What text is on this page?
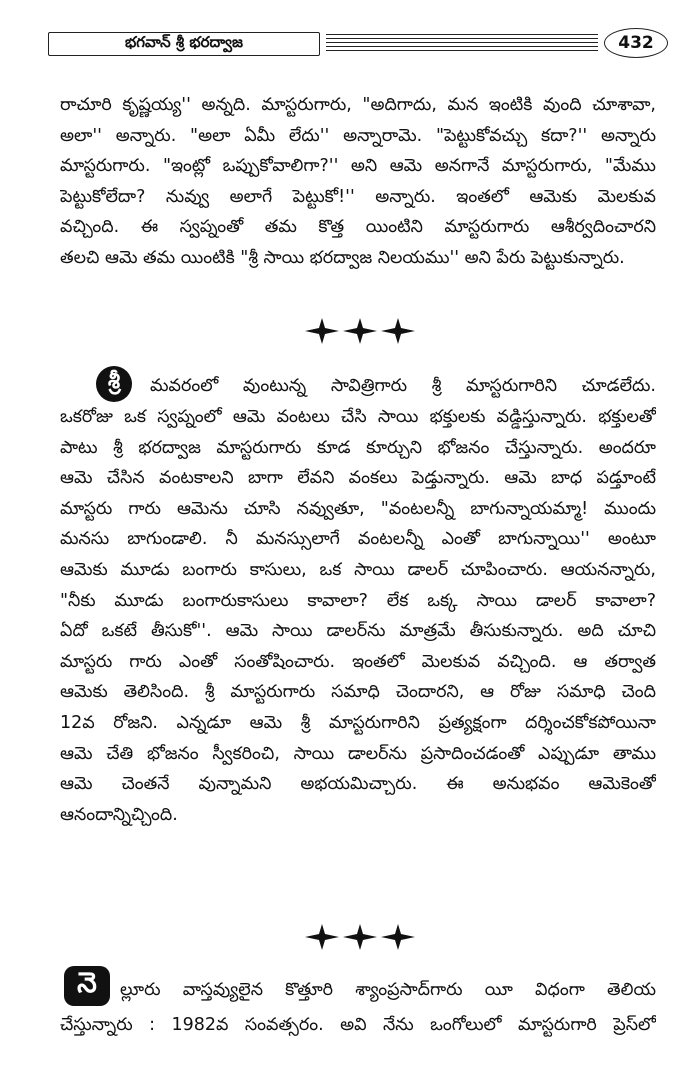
భగవాన్ శ్రీ భరద్వాజ	432
రాచూరి కృష్ణయ్య'' అన్నది. మాస్టరుగారు, "అదిగాదు, మన ఇంటికి వుంది చూశావా,
అలా'' అన్నారు. "అలా ఏమీ లేదు'' అన్నారామె. "పెట్టుకోవచ్చు కదా?'' అన్నారు
మాస్టరుగారు. "ఇంట్లో ఒప్పుకోవాలిగా?'' అని ఆమె అనగానే మాస్టరుగారు, "మేము
పెట్టుకోలేదా? నువ్వు అలాగే పెట్టుకో!'' అన్నారు. ఇంతలో ఆమెకు మెలకువ
వచ్చింది. ఈ స్వప్నంతో తమ కొత్త యింటిని మాస్టరుగారు ఆశీర్వదించారని
తలచి ఆమె తమ యింటికి "శ్రీ సాయి భరద్వాజ నిలయము'' అని పేరు పెట్టుకున్నారు.
శ్రీ	మవరంలో వుంటున్న సావిత్రిగారు శ్రీ మాస్టరుగారిని చూడలేదు.
ఒకరోజు ఒక స్వప్నంలో ఆమె వంటలు చేసి సాయి భక్తులకు వడ్డిస్తున్నారు. భక్తులతో
పాటు శ్రీ భరద్వాజ మాస్టరుగారు కూడ కూర్చుని భోజనం చేస్తున్నారు. అందరూ
ఆమె చేసిన వంటకాలని బాగా లేవని వంకలు పెడ్తున్నారు. ఆమె బాధ పడ్తూంటే
మాస్టరు గారు ఆమెను చూసి నవ్వుతూ, "వంటలన్నీ బాగున్నాయమ్మా! ముందు
మనసు బాగుండాలి. నీ మనస్సులాగే వంటలన్నీ ఎంతో బాగున్నాయి'' అంటూ
ఆమెకు మూడు బంగారు కాసులు, ఒక సాయి డాలర్ చూపించారు. ఆయనన్నారు,
"నీకు మూడు బంగారుకాసులు కావాలా? లేక ఒక్క సాయి డాలర్ కావాలా?
ఏదో ఒకటే తీసుకో''. ఆమె సాయి డాలర్‌ను మాత్రమే తీసుకున్నారు. అది చూచి
మాస్టరు గారు ఎంతో సంతోషించారు. ఇంతలో మెలకువ వచ్చింది. ఆ తర్వాత
ఆమెకు తెలిసింది. శ్రీ మాస్టరుగారు సమాధి చెందారని, ఆ రోజు సమాధి చెంది
12వ రోజని. ఎన్నడూ ఆమె శ్రీ మాస్టరుగారిని ప్రత్యక్షంగా దర్శించకోకపోయినా
ఆమె చేతి భోజనం స్వీకరించి, సాయి డాలర్‌ను ప్రసాదించడంతో ఎప్పుడూ తాము
ఆమె చెంతనే వున్నామని అభయమిచ్చారు. ఈ అనుభవం ఆమెకెంతో
ఆనందాన్నిచ్చింది.
నె	ల్లూరు వాస్తవ్యులైన కొత్తూరి శ్యాంప్రసాద్‌గారు యీ విధంగా తెలియ
చేస్తున్నారు : 1982వ సంవత్సరం. అవి నేను ఒంగోలులో మాస్టరుగారి ప్రెస్‌లో
